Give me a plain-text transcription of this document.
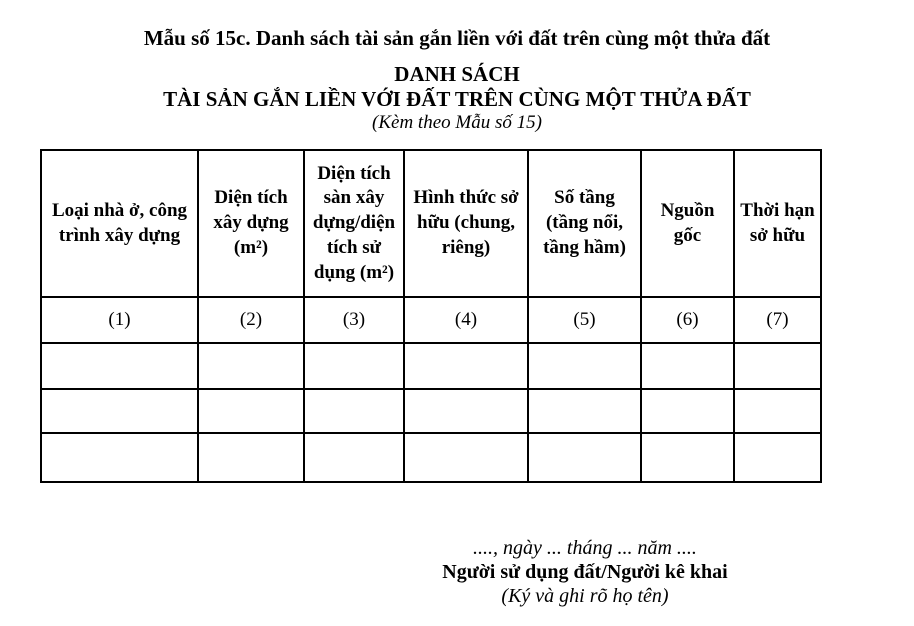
Mẫu số 15c. Danh sách tài sản gắn liền với đất trên cùng một thửa đất
DANH SÁCH
TÀI SẢN GẮN LIỀN VỚI ĐẤT TRÊN CÙNG MỘT THỬA ĐẤT
(Kèm theo Mẫu số 15)
Loại nhà ở, công trình xây dựng	Diện tích xây dựng (m²)	Diện tích sàn xây dựng/diện tích sử dụng (m²)	Hình thức sở hữu (chung, riêng)	Số tầng (tầng nổi, tầng hầm)	Nguồn gốc	Thời hạn sở hữu
(1)	(2)	(3)	(4)	(5)	(6)	(7)

...., ngày ... tháng ... năm ....
Người sử dụng đất/Người kê khai
(Ký và ghi rõ họ tên)
